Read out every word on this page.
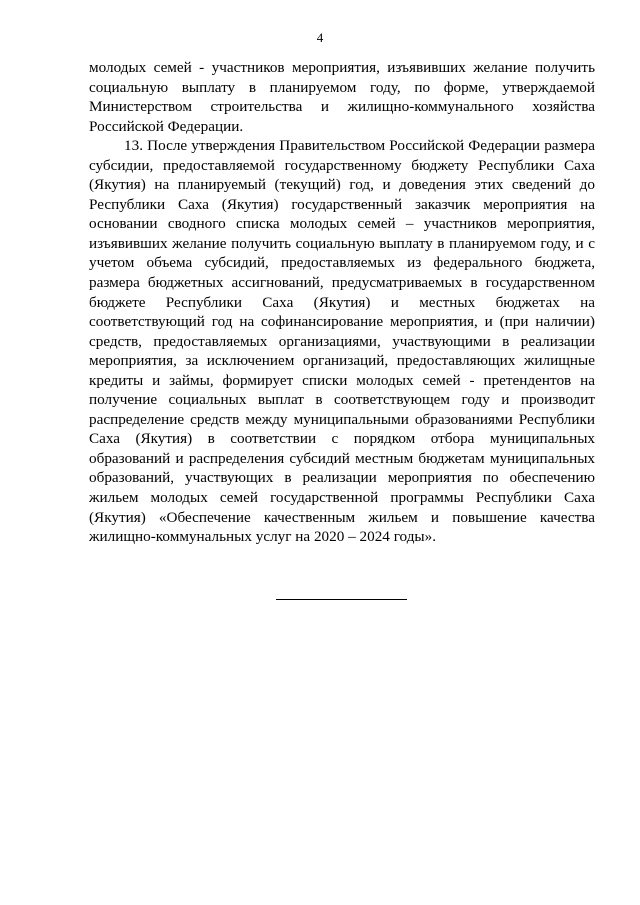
4

молодых семей - участников мероприятия, изъявивших желание получить социальную выплату в планируемом году, по форме, утверждаемой Министерством строительства и жилищно-коммунального хозяйства Российской Федерации.

13. После утверждения Правительством Российской Федерации размера субсидии, предоставляемой государственному бюджету Республики Саха (Якутия) на планируемый (текущий) год, и доведения этих сведений до Республики Саха (Якутия) государственный заказчик мероприятия на основании сводного списка молодых семей – участников мероприятия, изъявивших желание получить социальную выплату в планируемом году, и с учетом объема субсидий, предоставляемых из федерального бюджета, размера бюджетных ассигнований, предусматриваемых в государственном бюджете Республики Саха (Якутия) и местных бюджетах на соответствующий год на софинансирование мероприятия, и (при наличии) средств, предоставляемых организациями, участвующими в реализации мероприятия, за исключением организаций, предоставляющих жилищные кредиты и займы, формирует списки молодых семей - претендентов на получение социальных выплат в соответствующем году и производит распределение средств между муниципальными образованиями Республики Саха (Якутия) в соответствии с порядком отбора муниципальных образований и распределения субсидий местным бюджетам муниципальных образований, участвующих в реализации мероприятия по обеспечению жильем молодых семей государственной программы Республики Саха (Якутия) «Обеспечение качественным жильем и повышение качества жилищно-коммунальных услуг на 2020 – 2024 годы».
